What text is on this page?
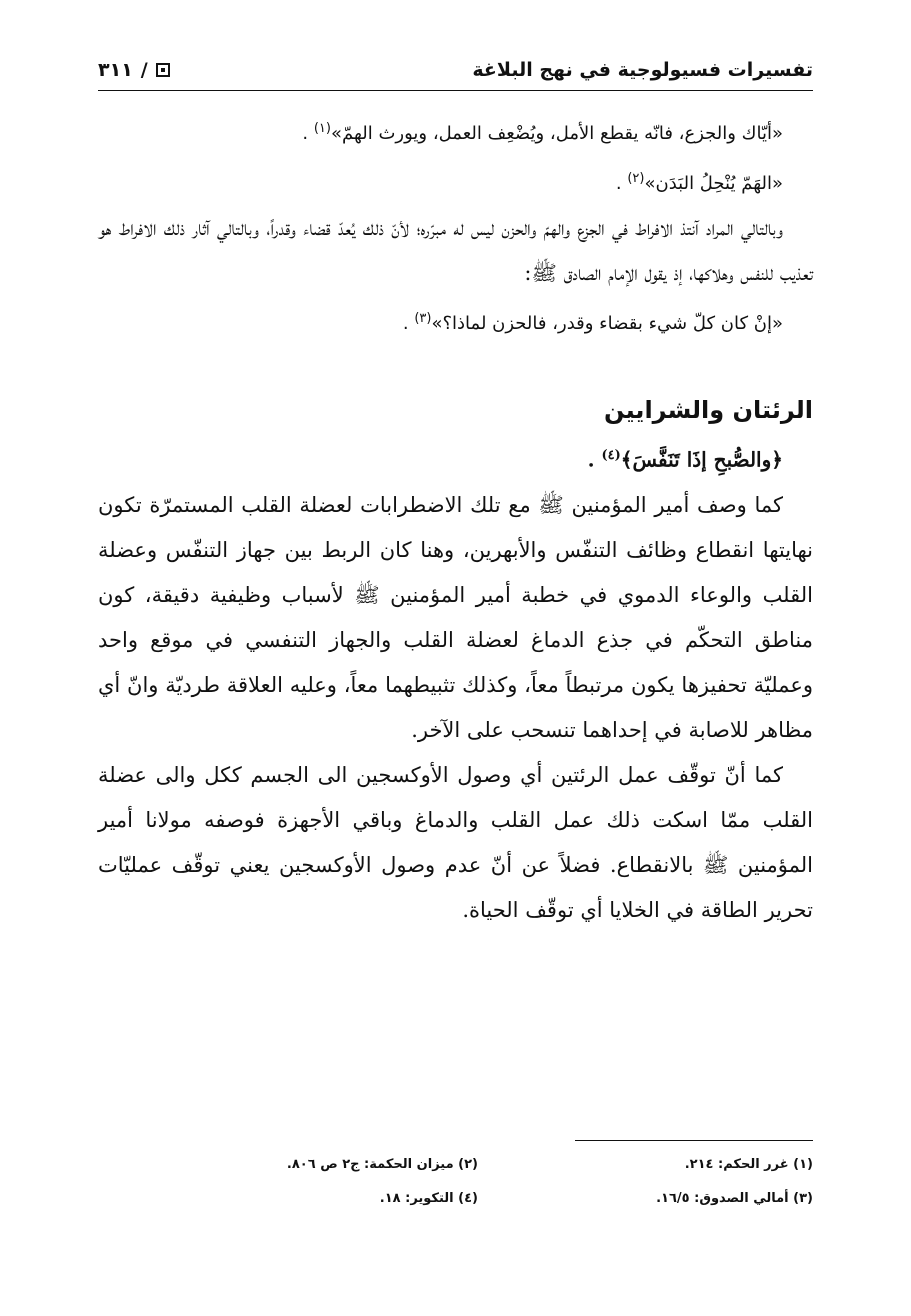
تفسيرات فسيولوجية في نهج البلاغة
/
٣١١

«أيّاك والجزع، فانّه يقطع الأمل، ويُضْعِف العمل، ويورث الهمّ»$^{(١)}$ .

«الهَمّ يُنْحِلُ البَدَن»$^{(٢)}$ .

وبالتالي المراد آنتذ الافراط في الجزع والهمّ والحزن ليس له مبرّره؛ لأنّ ذلك يُعدّ قضاء وقدراً، وبالتالي آثار ذلك الافراط هو تعذيب للنفس وهلاكها، إذ يقول الإمام الصادق ﷺ:

«إنْ كان كلّ شيء بقضاء وقدر، فالحزن لماذا؟»$^{(٣)}$ .

الرئتان والشرايين

﴿والصُّبحِ إذَا تَنَفَّسَ﴾$^{(٤)}$ .

كما وصف أمير المؤمنين ﷺ مع تلك الاضطرابات لعضلة القلب المستمرّة تكون نهايتها انقطاع وظائف التنفّس والأبهرين، وهنا كان الربط بين جهاز التنفّس وعضلة القلب والوعاء الدموي في خطبة أمير المؤمنين ﷺ لأسباب وظيفية دقيقة، كون مناطق التحكّم في جذع الدماغ لعضلة القلب والجهاز التنفسي في موقع واحد وعمليّة تحفيزها يكون مرتبطاً معاً، وكذلك تثبيطهما معاً، وعليه العلاقة طرديّة وانّ أي مظاهر للاصابة في إحداهما تنسحب على الآخر.

كما أنّ توقّف عمل الرئتين أي وصول الأوكسجين الى الجسم ككل والى عضلة القلب ممّا اسكت ذلك عمل القلب والدماغ وباقي الأجهزة فوصفه مولانا أمير المؤمنين ﷺ بالانقطاع. فضلاً عن أنّ عدم وصول الأوكسجين يعني توقّف عمليّات تحرير الطاقة في الخلايا أي توقّف الحياة.

(١) غرر الحكم: ٢١٤.
(٢) ميزان الحكمة: ج٢ ص ٨٠٦.
(٣) أمالي الصدوق: ١٦/٥.
(٤) التكوير: ١٨.
